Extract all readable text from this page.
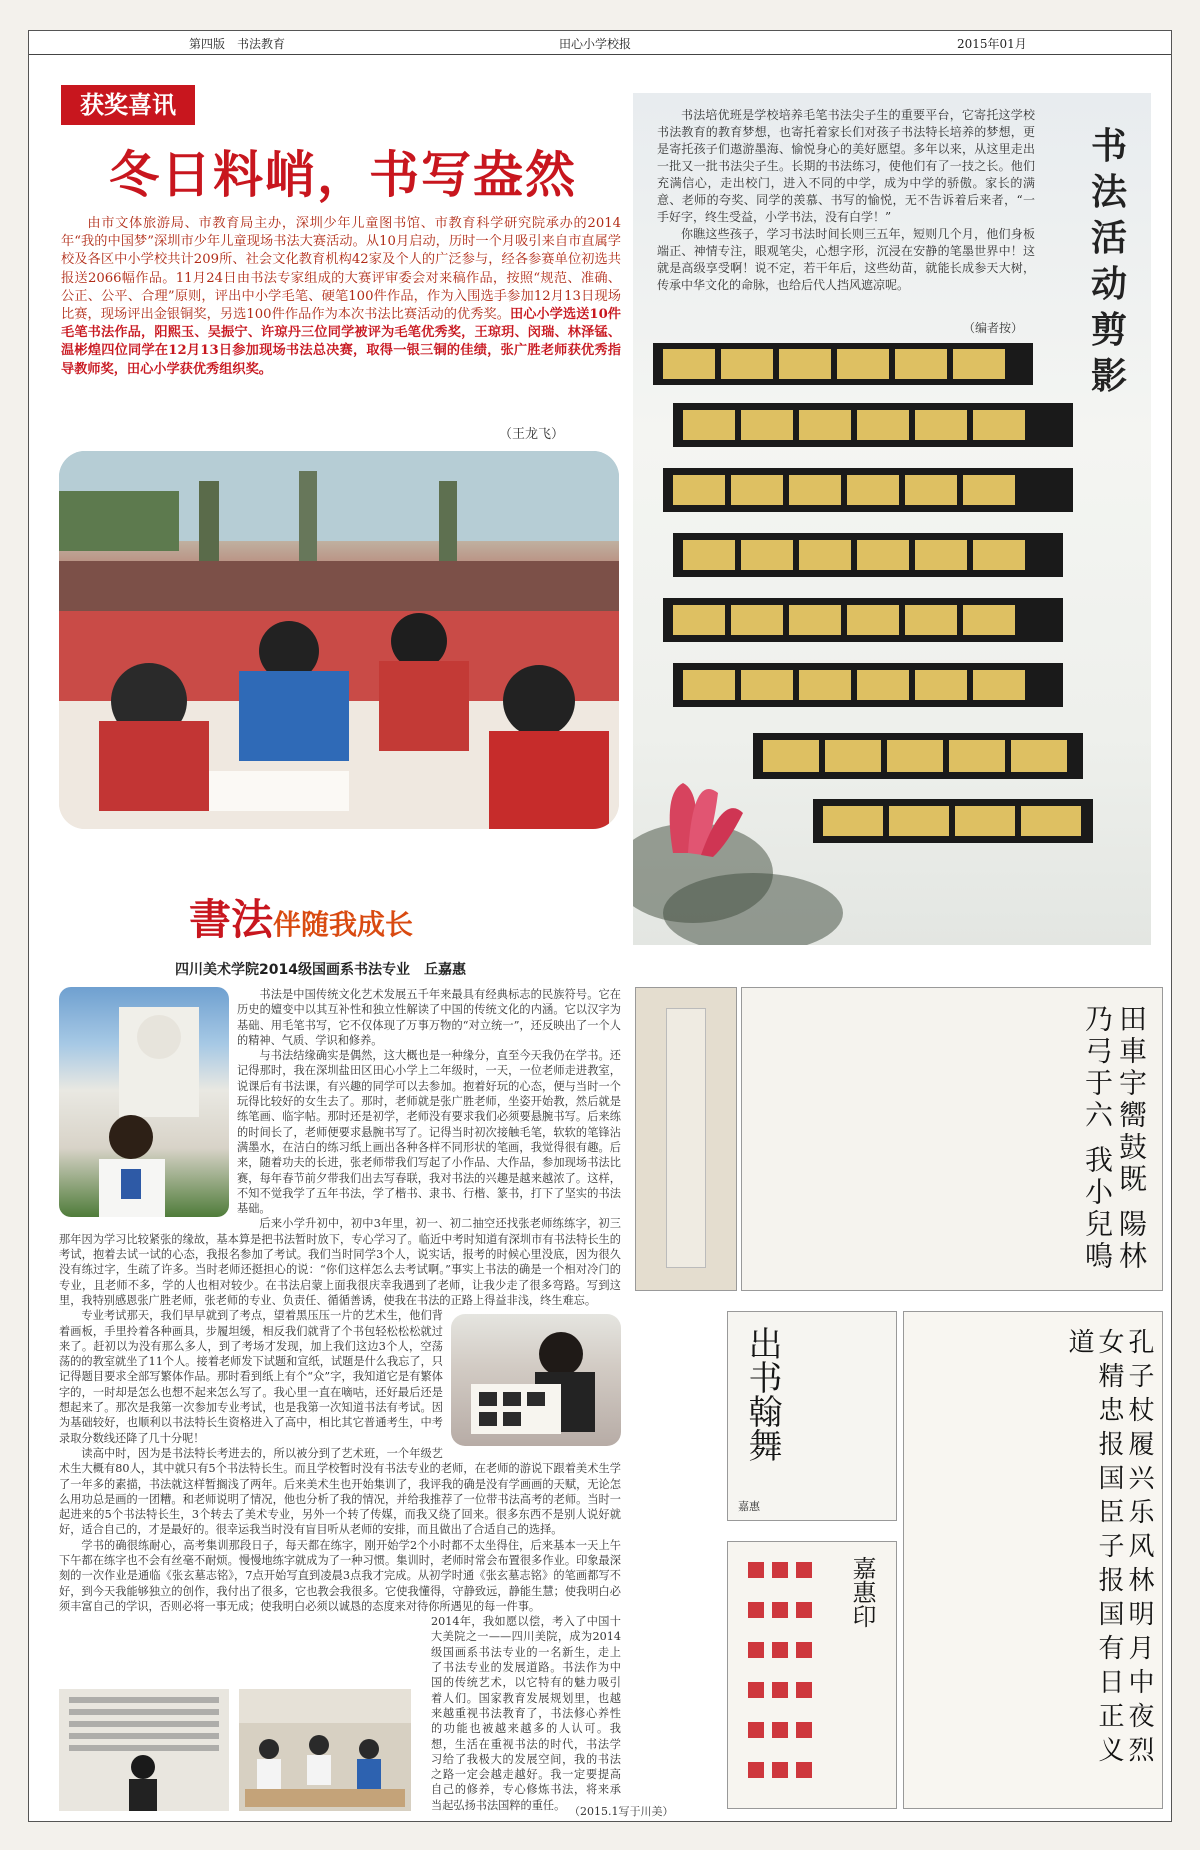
第四版　书法教育	田心小学校报	2015年01月
获奖喜讯
冬日料峭，书写盎然
由市文体旅游局、市教育局主办，深圳少年儿童图书馆、市教育科学研究院承办的2014年“我的中国梦”深圳市少年儿童现场书法大赛活动。从10月启动，历时一个月吸引来自市直属学校及各区中小学校共计209所、社会文化教育机构42家及个人的广泛参与，经各参赛单位初选共报送2066幅作品。11月24日由书法专家组成的大赛评审委会对来稿作品，按照“规范、准确、公正、公平、合理”原则，评出中小学毛笔、硬笔100件作品，作为入围选手参加12月13日现场比赛，现场评出金银铜奖，另选100件作品作为本次书法比赛活动的优秀奖。田心小学选送10件毛笔书法作品，阳熙玉、吴振宁、许琼丹三位同学被评为毛笔优秀奖，王琼玥、闵瑞、林泽锰、温彬煌四位同学在12月13日参加现场书法总决赛，取得一银三铜的佳绩，张广胜老师获优秀指导教师奖，田心小学获优秀组织奖。
（王龙飞）
书法培优班是学校培养毛笔书法尖子生的重要平台，它寄托这学校书法教育的教育梦想，也寄托着家长们对孩子书法特长培养的梦想，更是寄托孩子们遨游墨海、愉悦身心的美好愿望。多年以来，从这里走出一批又一批书法尖子生。长期的书法练习，使他们有了一技之长。他们充满信心，走出校门，进入不同的中学，成为中学的骄傲。家长的满意、老师的夸奖、同学的羡慕、书写的愉悦，无不告诉着后来者，“一手好字，终生受益，小学书法，没有白学！”
你瞧这些孩子，学习书法时间长则三五年，短则几个月，他们身板端正、神情专注，眼观笔尖，心想字形，沉浸在安静的笔墨世界中！这就是高级享受啊！说不定，若干年后，这些幼苗，就能长成参天大树，传承中华文化的命脉，也给后代人挡风遮凉呢。
（编者按）
书法活动剪影
書法伴随我成长
四川美术学院2014级国画系书法专业　丘嘉惠

书法是中国传统文化艺术发展五千年来最具有经典标志的民族符号。它在历史的嬗变中以其互补性和独立性解读了中国的传统文化的内涵。它以汉字为基础、用毛笔书写，它不仅体现了万事万物的“对立统一”，还反映出了一个人的精神、气质、学识和修养。

与书法结缘确实是偶然，这大概也是一种缘分，直至今天我仍在学书。还记得那时，我在深圳盐田区田心小学上二年级时，一天，一位老师走进教室，说课后有书法课，有兴趣的同学可以去参加。抱着好玩的心态，便与当时一个玩得比较好的女生去了。那时，老师就是张广胜老师，坐姿开始教，然后就是练笔画、临字帖。那时还是初学，老师没有要求我们必须要悬腕书写。后来练的时间长了，老师便要求悬腕书写了。记得当时初次接触毛笔，软软的笔锋沾满墨水，在洁白的练习纸上画出各种各样不同形状的笔画，我觉得很有趣。后来，随着功夫的长进，张老师带我们写起了小作品、大作品，参加现场书法比赛，每年春节前夕带我们出去写春联，我对书法的兴趣是越来越浓了。这样，不知不觉我学了五年书法，学了楷书、隶书、行楷、篆书，打下了坚实的书法基础。

后来小学升初中，初中3年里，初一、初二抽空还找张老师练练字，初三那年因为学习比较紧张的缘故，基本算是把书法暂时放下，专心学习了。临近中考时知道有深圳市有书法特长生的考试，抱着去试一试的心态，我报名参加了考试。我们当时同学3个人，说实话，报考的时候心里没底，因为很久没有练过字，生疏了许多。当时老师还挺担心的说：“你们这样怎么去考试啊。”事实上书法的确是一个相对冷门的专业，且老师不多，学的人也相对较少。在书法启蒙上面我很庆幸我遇到了老师，让我少走了很多弯路。写到这里，我特别感恩张广胜老师，张老师的专业、负责任、循循善诱，使我在书法的正路上得益非浅，终生难忘。

专业考试那天，我们早早就到了考点，望着黑压压一片的艺术生，他们背着画板，手里拎着各种画具，步履坦缓，相反我们就背了个书包轻松松松就过来了。赶初以为没有那么多人，到了考场才发现，加上我们这边3个人，空荡荡的的教室就坐了11个人。接着老师发下试题和宣纸，试题是什么我忘了，只记得题目要求全部写繁体作品。那时看到纸上有个“众”字，我知道它是有繁体字的，一时却是怎么也想不起来怎么写了。我心里一直在嘀咕，还好最后还是想起来了。那次是我第一次参加专业考试，也是我第一次知道书法有考试。因为基础较好，也顺利以书法特长生资格进入了高中，相比其它普通考生，中考录取分数线还降了几十分呢！

读高中时，因为是书法特长考进去的，所以被分到了艺术班，一个年级艺术生大概有80人，其中就只有5个书法特长生。而且学校暂时没有书法专业的老师，在老师的游说下跟着美术生学了一年多的素描，书法就这样暂搁浅了两年。后来美术生也开始集训了，我评我的确是没有学画画的天赋，无论怎么用功总是画的一团糟。和老师说明了情况，他也分析了我的情况，并给我推荐了一位带书法高考的老师。当时一起进来的5个书法特长生，3个转去了美术专业，另外一个转了传媒，而我又绕了回来。很多东西不是别人说好就好，适合自己的，才是最好的。很幸运我当时没有盲目听从老师的安排，而且做出了合适自己的选择。

学书的确很练耐心，高考集训那段日子，每天都在练字，刚开始学2个小时都不太坐得住，后来基本一天上午下午都在练字也不会有丝毫不耐烦。慢慢地练字就成为了一种习惯。集训时，老师时常会布置很多作业。印象最深刻的一次作业是通临《张玄墓志铭》，7点开始写直到凌晨3点我才完成。从初学时通《张玄墓志铭》的笔画都写不好，到今天我能够独立的创作，我付出了很多，它也教会我很多。它使我懂得，守静致远，静能生慧；使我明白必须丰富自己的学识，否则必将一事无成；使我明白必须以诚恳的态度来对待你所遇见的每一件事。

2014年，我如愿以偿，考入了中国十大美院之一——四川美院，成为2014级国画系书法专业的一名新生，走上了书法专业的发展道路。书法作为中国的传统艺术，以它特有的魅力吸引着人们。国家教育发展规划里，也越来越重视书法教育了，书法修心养性的功能也被越来越多的人认可。我想，生活在重视书法的时代，书法学习给了我极大的发展空间，我的书法之路一定会越走越好。我一定要提高自己的修养，专心修炼书法，将来承当起弘扬书法国粹的重任。 （2015.1写于川美）
田車宇嚮鼓既 陽林乃弓于六 我小兒鳴
出书翰舞
嘉惠
嘉惠印	孔子杖履兴乐风林明月中夜烈女精忠报国臣子报国有日正义道
